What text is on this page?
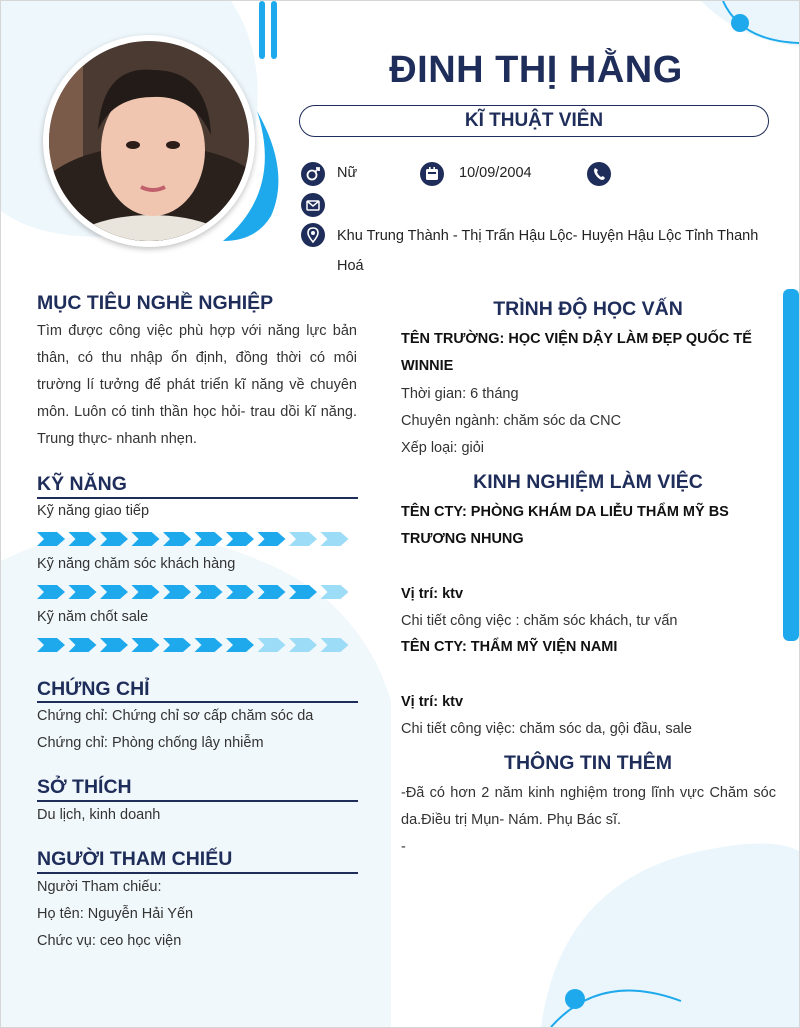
ĐINH THỊ HẰNG
KĨ THUẬT VIÊN
Nữ	10/09/2004
Khu Trung Thành - Thị Trấn Hậu Lộc- Huyện Hậu Lộc Tỉnh Thanh Hoá
MỤC TIÊU NGHỀ NGHIỆP
Tìm được công việc phù hợp với năng lực bản thân, có thu nhập ổn định, đồng thời có môi trường lí tưởng để phát triển kĩ năng về chuyên môn. Luôn có tinh thần học hỏi- trau dồi kĩ năng. Trung thực- nhanh nhẹn.
KỸ NĂNG
Kỹ năng giao tiếp
Kỹ năng chăm sóc khách hàng
Kỹ năm chốt sale
CHỨNG CHỈ
Chứng chỉ: Chứng chỉ sơ cấp chăm sóc da
Chứng chỉ: Phòng chống lây nhiễm
SỞ THÍCH
Du lịch, kinh doanh
NGƯỜI THAM CHIẾU
Người Tham chiếu:
Họ tên: Nguyễn Hải Yến
Chức vụ: ceo học viện
TRÌNH ĐỘ HỌC VẤN
TÊN TRƯỜNG: HỌC VIỆN DẬY LÀM ĐẸP QUỐC TẾ WINNIE
Thời gian: 6 tháng
Chuyên ngành: chăm sóc da CNC
Xếp loại: giỏi
KINH NGHIỆM LÀM VIỆC
TÊN CTY: PHÒNG KHÁM DA LIỄU THẨM MỸ BS TRƯƠNG NHUNG
Vị trí: ktv
Chi tiết công việc : chăm sóc khách, tư vấn
TÊN CTY: THẨM MỸ VIỆN NAMI
Vị trí: ktv
Chi tiết công việc: chăm sóc da, gội đầu, sale
THÔNG TIN THÊM
-Đã có hơn 2 năm kinh nghiệm trong lĩnh vực Chăm sóc da.Điều trị Mụn- Nám. Phụ Bác sĩ.
-
